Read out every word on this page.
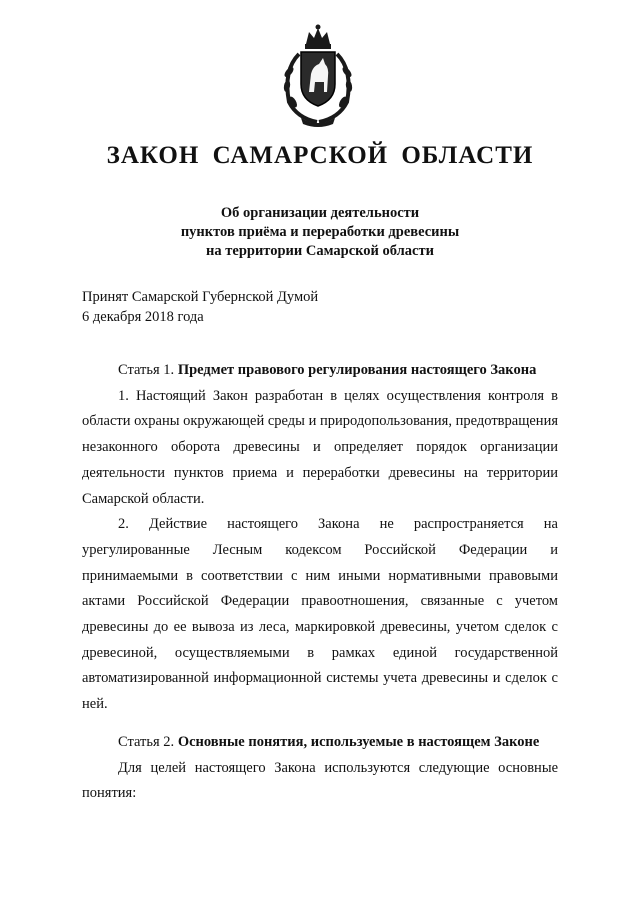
ЗАКОН САМАРСКОЙ ОБЛАСТИ
Об организации деятельности
пунктов приёма и переработки древесины
на территории Самарской области
Принят Самарской Губернской Думой
6 декабря 2018 года
Статья 1. Предмет правового регулирования настоящего Закона

1. Настоящий Закон разработан в целях осуществления контроля в области охраны окружающей среды и природопользования, предотвращения незаконного оборота древесины и определяет порядок организации деятельности пунктов приема и переработки древесины на территории Самарской области.

2. Действие настоящего Закона не распространяется на урегулированные Лесным кодексом Российской Федерации и принимаемыми в соответствии с ним иными нормативными правовыми актами Российской Федерации правоотношения, связанные с учетом древесины до ее вывоза из леса, маркировкой древесины, учетом сделок с древесиной, осуществляемыми в рамках единой государственной автоматизированной информационной системы учета древесины и сделок с ней.

Статья 2. Основные понятия, используемые в настоящем Законе

Для целей настоящего Закона используются следующие основные понятия:
